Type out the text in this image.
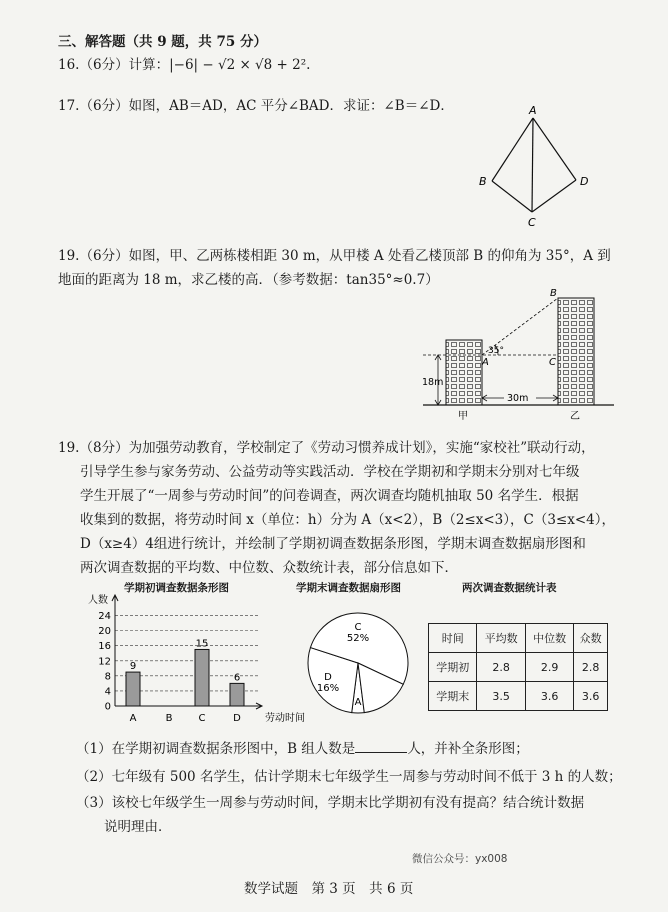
三、解答题（共 9 题，共 75 分）
16.（6分）计算：|−6| − √2 × √8 + 2².
17.（6分）如图，AB＝AD，AC 平分∠BAD．求证：∠B＝∠D．	A
B
C
D
19.（6分）如图，甲、乙两栋楼相距 30 m，从甲楼 A 处看乙楼顶部 B 的仰角为 35°，A 到
地面的距离为 18 m，求乙楼的高．（参考数据：tan35°≈0.7）
B
A	C
35°
18m
30m
甲	乙
19.（8分）为加强劳动教育，学校制定了《劳动习惯养成计划》，实施“家校社”联动行动，
引导学生参与家务劳动、公益劳动等实践活动．学校在学期初和学期末分别对七年级
学生开展了“一周参与劳动时间”的问卷调查，两次调查均随机抽取 50 名学生．根据
收集到的数据，将劳动时间 x（单位：h）分为 A（x<2），B（2≤x<3），C（3≤x<4），
D（x≥4）4组进行统计，并绘制了学期初调查数据条形图，学期末调查数据扇形图和
两次调查数据的平均数、中位数、众数统计表，部分信息如下．
学期初调查数据条形图	学期末调查数据扇形图	两次调查数据统计表
0
4
8
12
16
20
24
人数
劳动时间
A
9
B	C
15
D
6
A
C
52%
D
16%
时间	平均数	中位数	众数
学期初	2.8	2.9	2.8
学期末	3.5	3.6	3.6
（1）在学期初调查数据条形图中，B 组人数是	人，并补全条形图；
（2）七年级有 500 名学生，估计学期末七年级学生一周参与劳动时间不低于 3 h 的人数；
（3）该校七年级学生一周参与劳动时间，学期末比学期初有没有提高？结合统计数据
说明理由．
微信公众号：yx008
数学试题　第 3 页　共 6 页
